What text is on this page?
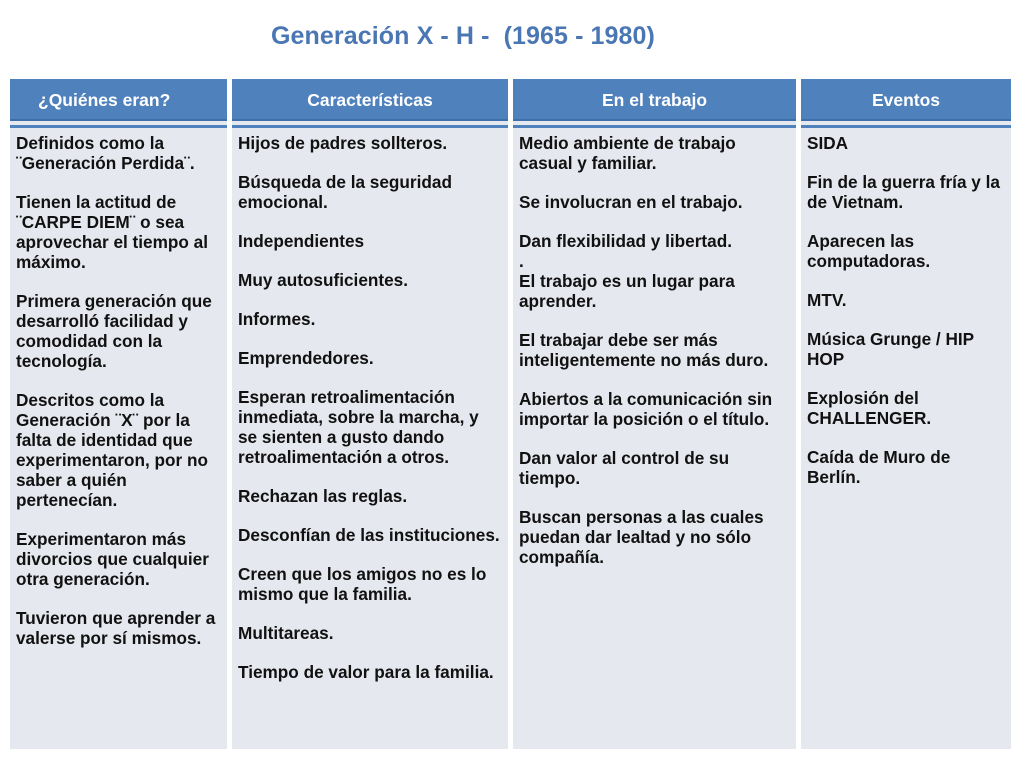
Generación X - H -  (1965 - 1980)
¿Quiénes eran?

Definidos como la ¨Generación Perdida¨.

Tienen la actitud de ¨CARPE DIEM¨ o sea aprovechar el tiempo al máximo.

Primera generación que desarrolló facilidad y comodidad con la tecnología.

Descritos como la Generación ¨X¨ por la falta de identidad que experimentaron, por no saber a quién pertenecían.

Experimentaron más divorcios que cualquier otra generación.

Tuvieron que aprender a valerse por sí mismos.

Características

Hijos de padres sollteros.

Búsqueda de la seguridad emocional.

Independientes

Muy autosuficientes.

Informes.

Emprendedores.

Esperan retroalimentación inmediata, sobre la marcha, y se sienten a gusto dando retroalimentación a otros.

Rechazan las reglas.

Desconfían de las instituciones.

Creen que los amigos no es lo mismo que la familia.

Multitareas.

Tiempo de valor para la familia.

En el trabajo

Medio ambiente de trabajo casual y familiar.

Se involucran en el trabajo.

Dan flexibilidad y libertad.

.

El trabajo es un lugar para aprender.

El trabajar debe ser más inteligentemente no más duro.

Abiertos a la comunicación sin importar la posición o el título.

Dan valor al control de su tiempo.

Buscan personas a las cuales puedan dar lealtad y no sólo compañía.

Eventos

SIDA

Fin de la guerra fría y la de Vietnam.

Aparecen las computadoras.

MTV.

Música Grunge / HIP HOP

Explosión del CHALLENGER.

Caída de Muro de Berlín.
